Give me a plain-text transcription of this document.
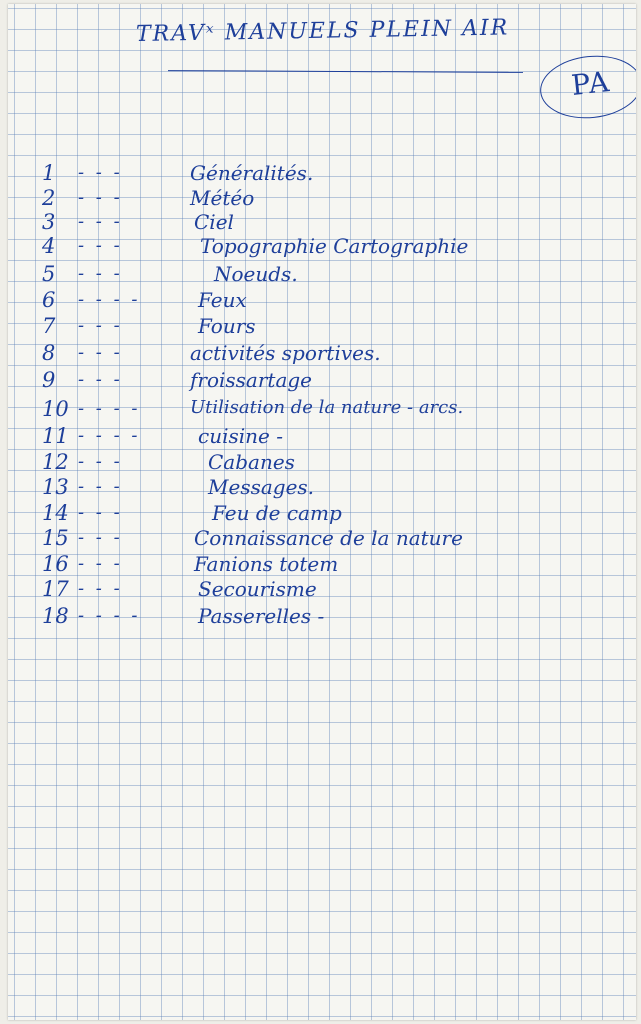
TRAVˣ MANUELS PLEIN AIR
PA
1	- - -	Généralités.
2	- - -	Météo
3	- - -	Ciel
4	- - -	Topographie Cartographie
5	- - -	Noeuds.
6	- - - -	Feux
7	- - -	Fours
8	- - -	activités sportives.
9	- - -	froissartage
10 - - - -	Utilisation de la nature - arcs.
11 - - - -	cuisine -
12 - - -	Cabanes
13 - - -	Messages.
14 - - -	Feu de camp
15 - - -	Connaissance de la nature
16 - - -	Fanions totem
17 - - -	Secourisme
18 - - - -	Passerelles -
